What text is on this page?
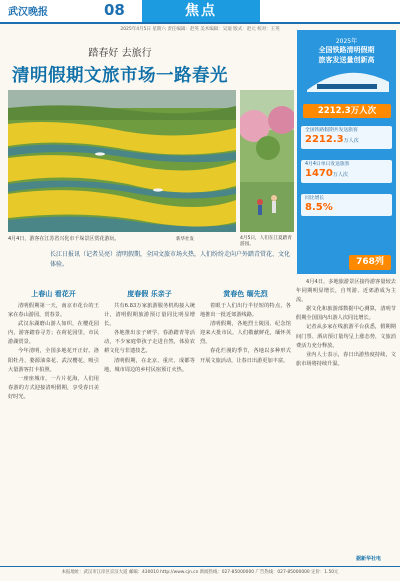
武汉晚报	08	焦点
2025年4月5日 星期六 责任编辑：赵英 美术编辑：吴迪 版式：赵元 校对：王英
踏春好 去旅行
清明假期文旅市场一路春光
4月4日，游客在江苏省兴化市千垛景区赏花游玩。	新华社发	4月5日，人们在江夏踏青游园。
2025年
全国铁路清明假期
旅客发送量创新高
2212.3万人次
全国铁路假期共发送旅客
2212.3万人次
4月4日单日发送旅客
1470万人次
同比增长
8.5%
768列
长江日报讯（记者吴亮）清明假期，全国文旅市场火热，人们纷纷走向户外踏青赏花、文化体验。
上春山 看花开

清明假期第一天，南京市花台的王家在春山游园，赏春景。

武汉东湖磨山游人如织，在樱花园内，游客踏春寻芳；在荷花园里，市民游湖赏景。

今年清明，全国多地花开正好。洛阳牡丹、婺源油菜花、武汉樱花，吸引大量游客打卡拍照。

一座座城市，一片片花海，人们用春游的方式迎接清明假期，享受春日美好时光。

度春假 乐亲子

共有6.83万家旅游服务机构接入统计，清明假期旅游预订量同比明显增长。

各地推出亲子研学、春游踏青等活动，不少家庭带孩子走进自然，体验农耕文化与非遗技艺。

清明假期，在北京、重庆、成都等地，城市周边的乡村民宿预订火热。

赏春色 缅先烈

着眼于人们出行半径短的特点，各地推出一批近郊游线路。

清明假期，各地烈士陵园、纪念馆迎来大批市民，人们敬献鲜花，缅怀英烈。

春花烂漫的季节，各地以多种形式开展文旅活动，让春日出游更加丰富。

4月4日，多地旅游景区接待游客量较去年同期明显增长，自驾游、近郊游成为主流。

据文化和旅游部数据中心测算，清明节假期全国国内出游人次同比增长。

记者从多家在线旅游平台获悉，假期期间门票、酒店预订量均呈上涨态势，文旅消费活力充分释放。

业内人士表示，春日出游热度持续，文旅市场将持续升温。

据新华社电
本报地址：武汉市江岸区京汉大道 邮编：430010 http://www.cjn.cn 新闻热线：027-85000000 广告热线：027-85000000 定价：1.50元
